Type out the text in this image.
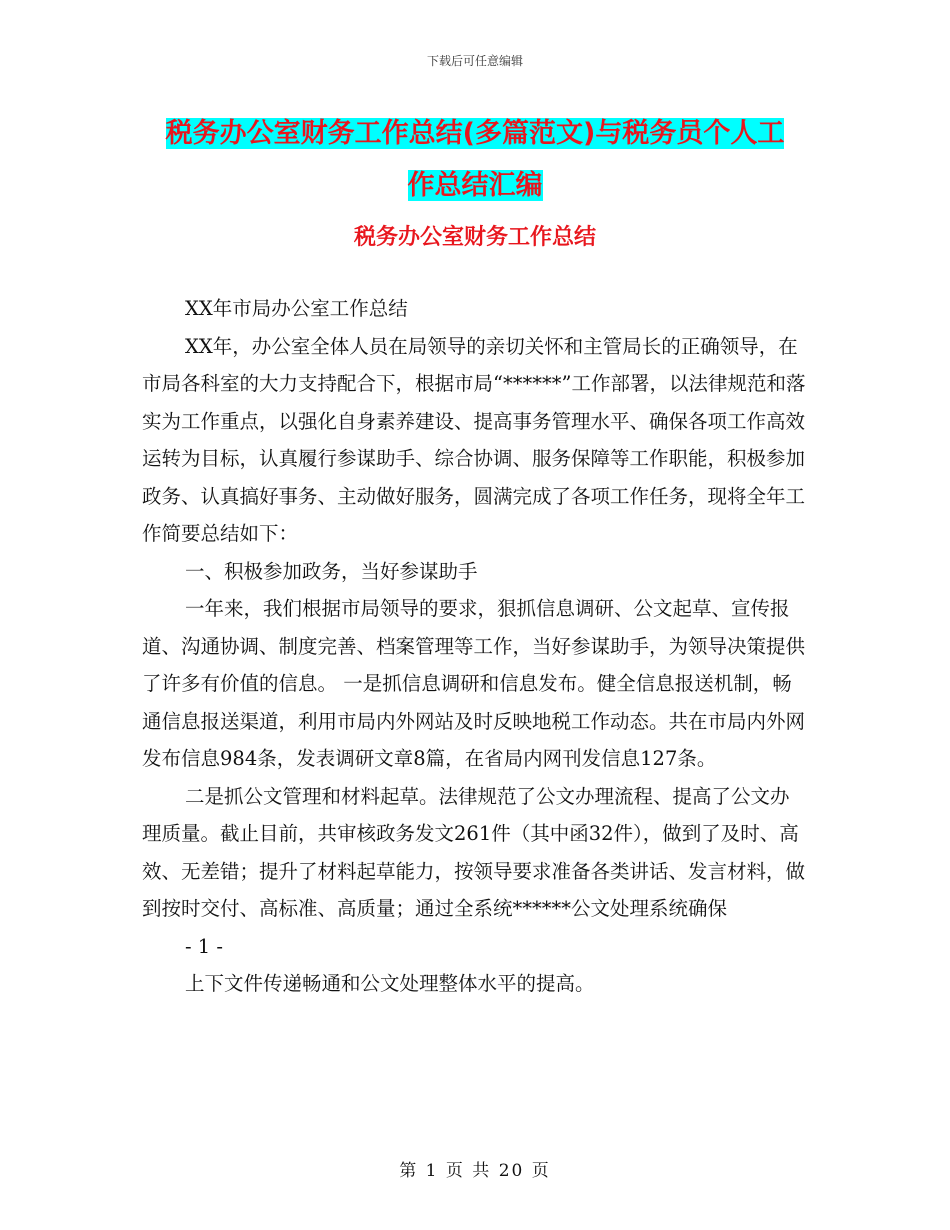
下载后可任意编辑
税务办公室财务工作总结(多篇范文)与税务员个人工
作总结汇编
税务办公室财务工作总结

XX年市局办公室工作总结

XX年，办公室全体人员在局领导的亲切关怀和主管局长的正确领导，在市局各科室的大力支持配合下，根据市局“******”工作部署，以法律规范和落实为工作重点，以强化自身素养建设、提高事务管理水平、确保各项工作高效运转为目标，认真履行参谋助手、综合协调、服务保障等工作职能，积极参加政务、认真搞好事务、主动做好服务，圆满完成了各项工作任务，现将全年工作简要总结如下：

一、积极参加政务，当好参谋助手

一年来，我们根据市局领导的要求，狠抓信息调研、公文起草、宣传报道、沟通协调、制度完善、档案管理等工作，当好参谋助手，为领导决策提供了许多有价值的信息。 一是抓信息调研和信息发布。健全信息报送机制，畅通信息报送渠道，利用市局内外网站及时反映地税工作动态。共在市局内外网发布信息984条，发表调研文章8篇，在省局内网刊发信息127条。

二是抓公文管理和材料起草。法律规范了公文办理流程、提高了公文办理质量。截止目前，共审核政务发文261件（其中函32件），做到了及时、高效、无差错；提升了材料起草能力，按领导要求准备各类讲话、发言材料，做到按时交付、高标准、高质量；通过全系统******公文处理系统确保

- 1 -

上下文件传递畅通和公文处理整体水平的提高。

第 1 页 共 20 页
